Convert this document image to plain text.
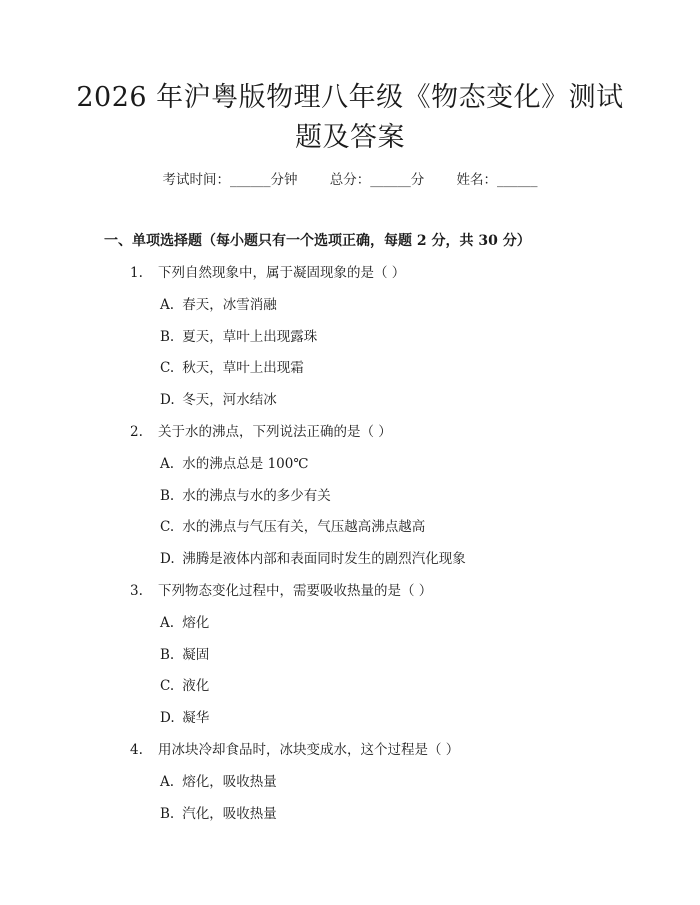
2026 年沪粤版物理八年级《物态变化》测试
题及答案
考试时间：______分钟 总分：______分 姓名：______
一、单项选择题（每小题只有一个选项正确，每题 2 分，共 30 分）
1. 下列自然现象中，属于凝固现象的是（ ）
A. 春天，冰雪消融
B. 夏天，草叶上出现露珠
C. 秋天，草叶上出现霜
D. 冬天，河水结冰
2. 关于水的沸点，下列说法正确的是（ ）
A. 水的沸点总是 100℃
B. 水的沸点与水的多少有关
C. 水的沸点与气压有关，气压越高沸点越高
D. 沸腾是液体内部和表面同时发生的剧烈汽化现象
3. 下列物态变化过程中，需要吸收热量的是（ ）
A. 熔化
B. 凝固
C. 液化
D. 凝华
4. 用冰块冷却食品时，冰块变成水，这个过程是（ ）
A. 熔化，吸收热量
B. 汽化，吸收热量
